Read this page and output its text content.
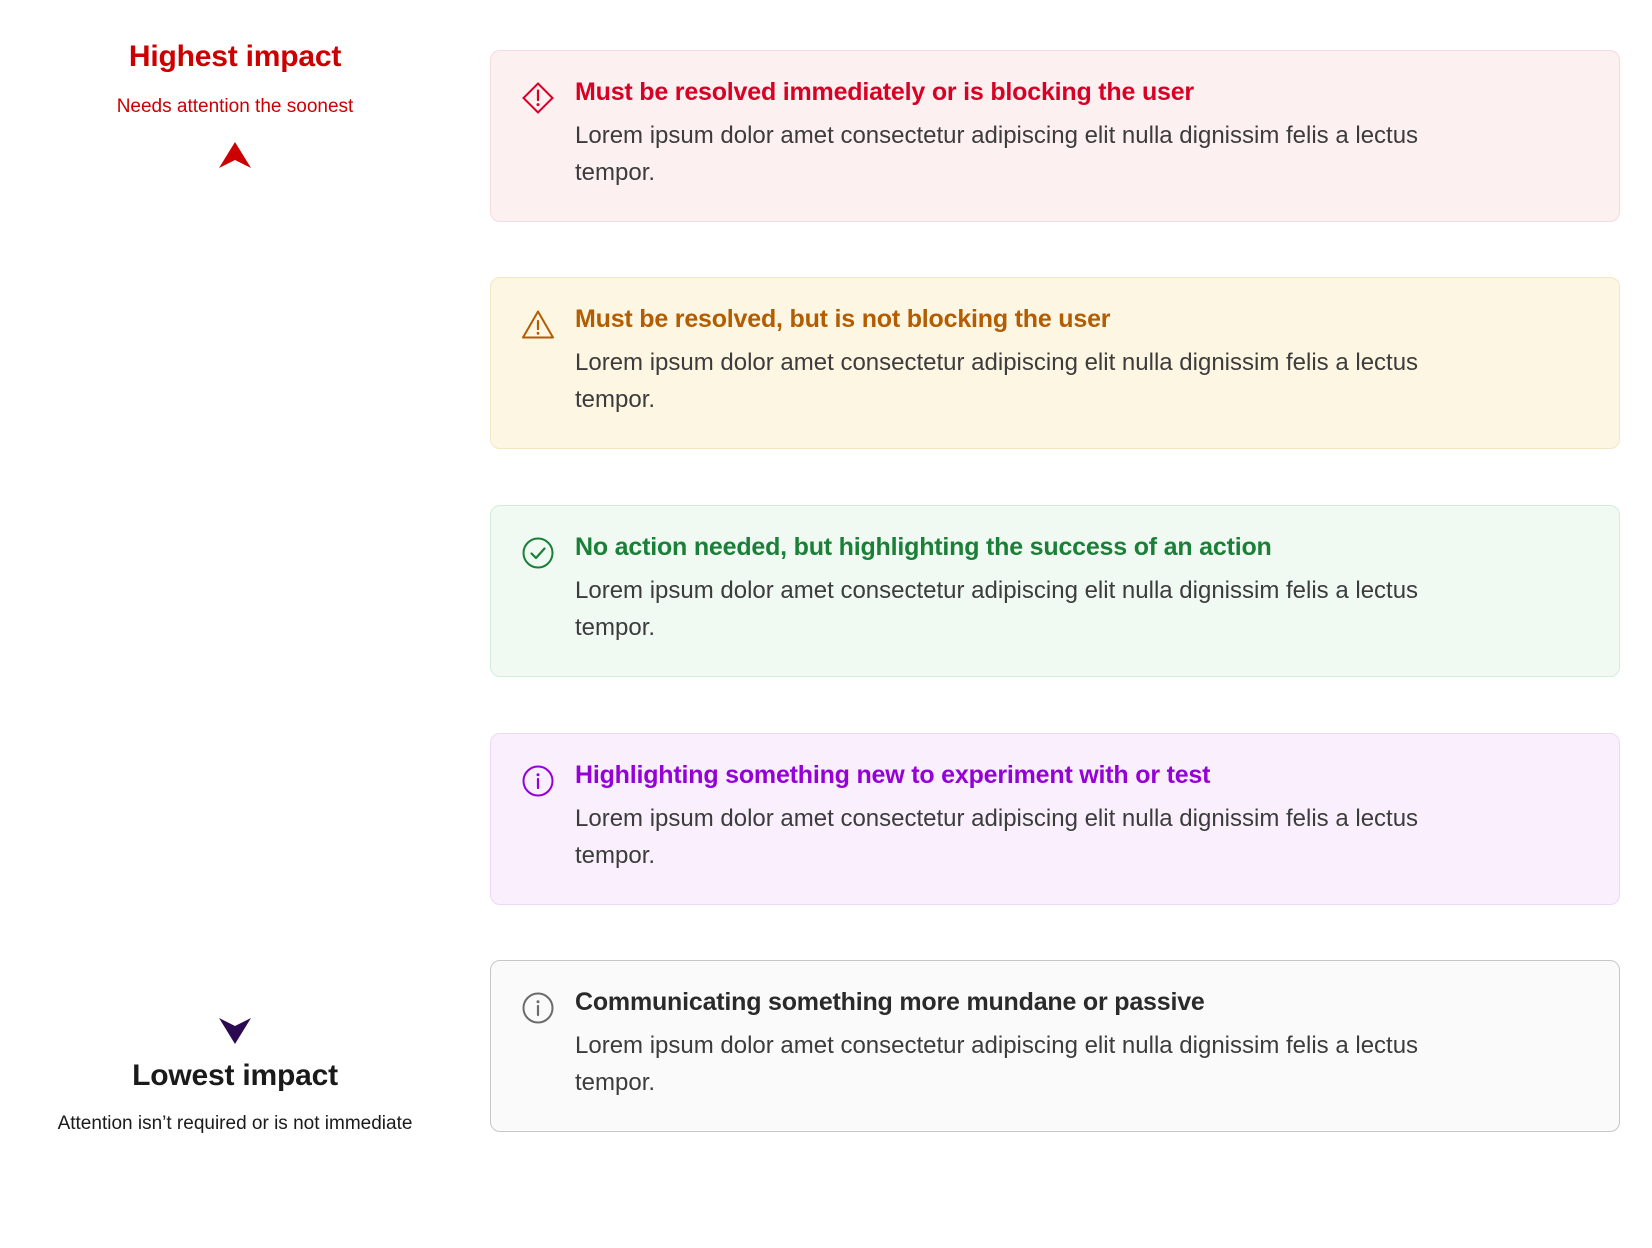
Highest impact
Needs attention the soonest
Lowest impact
Attention isn’t required or is not immediate

Must be resolved immediately or is blocking the user

Lorem ipsum dolor amet consectetur adipiscing elit nulla dignissim felis a lectus tempor.

Must be resolved, but is not blocking the user

Lorem ipsum dolor amet consectetur adipiscing elit nulla dignissim felis a lectus tempor.

No action needed, but highlighting the success of an action

Lorem ipsum dolor amet consectetur adipiscing elit nulla dignissim felis a lectus tempor.

Highlighting something new to experiment with or test

Lorem ipsum dolor amet consectetur adipiscing elit nulla dignissim felis a lectus tempor.

Communicating something more mundane or passive

Lorem ipsum dolor amet consectetur adipiscing elit nulla dignissim felis a lectus tempor.
